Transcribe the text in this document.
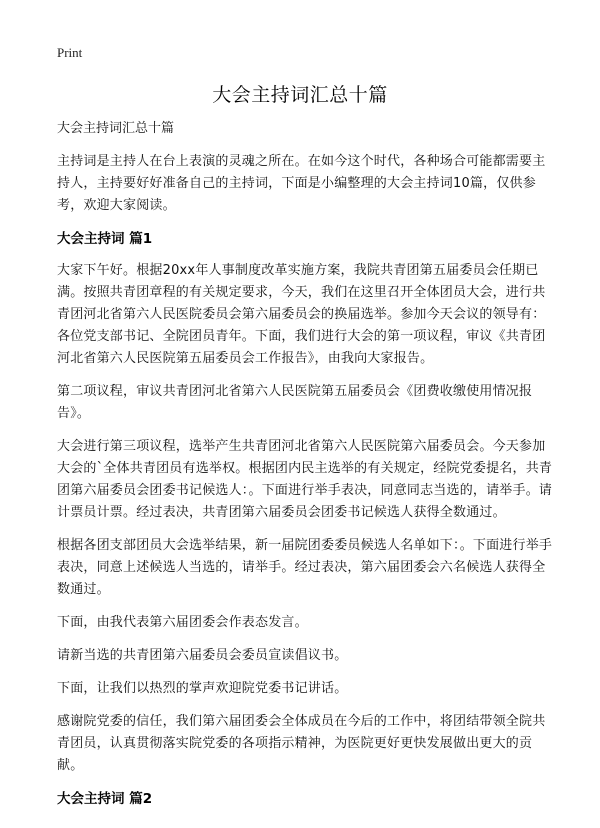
Print
大会主持词汇总十篇

大会主持词汇总十篇

主持词是主持人在台上表演的灵魂之所在。在如今这个时代，各种场合可能都需要主持人，主持要好好准备自己的主持词，下面是小编整理的大会主持词10篇，仅供参考，欢迎大家阅读。

大会主持词 篇1

大家下午好。根据20xx年人事制度改革实施方案，我院共青团第五届委员会任期已满。按照共青团章程的有关规定要求，今天，我们在这里召开全体团员大会，进行共青团河北省第六人民医院委员会第六届委员会的换届选举。参加今天会议的领导有：各位党支部书记、全院团员青年。下面，我们进行大会的第一项议程，审议《共青团河北省第六人民医院第五届委员会工作报告》，由我向大家报告。

第二项议程，审议共青团河北省第六人民医院第五届委员会《团费收缴使用情况报告》。

大会进行第三项议程，选举产生共青团河北省第六人民医院第六届委员会。今天参加大会的`全体共青团员有选举权。根据团内民主选举的有关规定，经院党委提名，共青团第六届委员会团委书记候选人：。下面进行举手表决，同意同志当选的，请举手。请计票员计票。经过表决，共青团第六届委员会团委书记候选人获得全数通过。

根据各团支部团员大会选举结果，新一届院团委委员候选人名单如下：。下面进行举手表决，同意上述候选人当选的，请举手。经过表决，第六届团委会六名候选人获得全数通过。

下面，由我代表第六届团委会作表态发言。

请新当选的共青团第六届委员会委员宣读倡议书。

下面，让我们以热烈的掌声欢迎院党委书记讲话。

感谢院党委的信任，我们第六届团委会全体成员在今后的工作中，将团结带领全院共青团员，认真贯彻落实院党委的各项指示精神，为医院更好更快发展做出更大的贡献。

大会主持词 篇2
